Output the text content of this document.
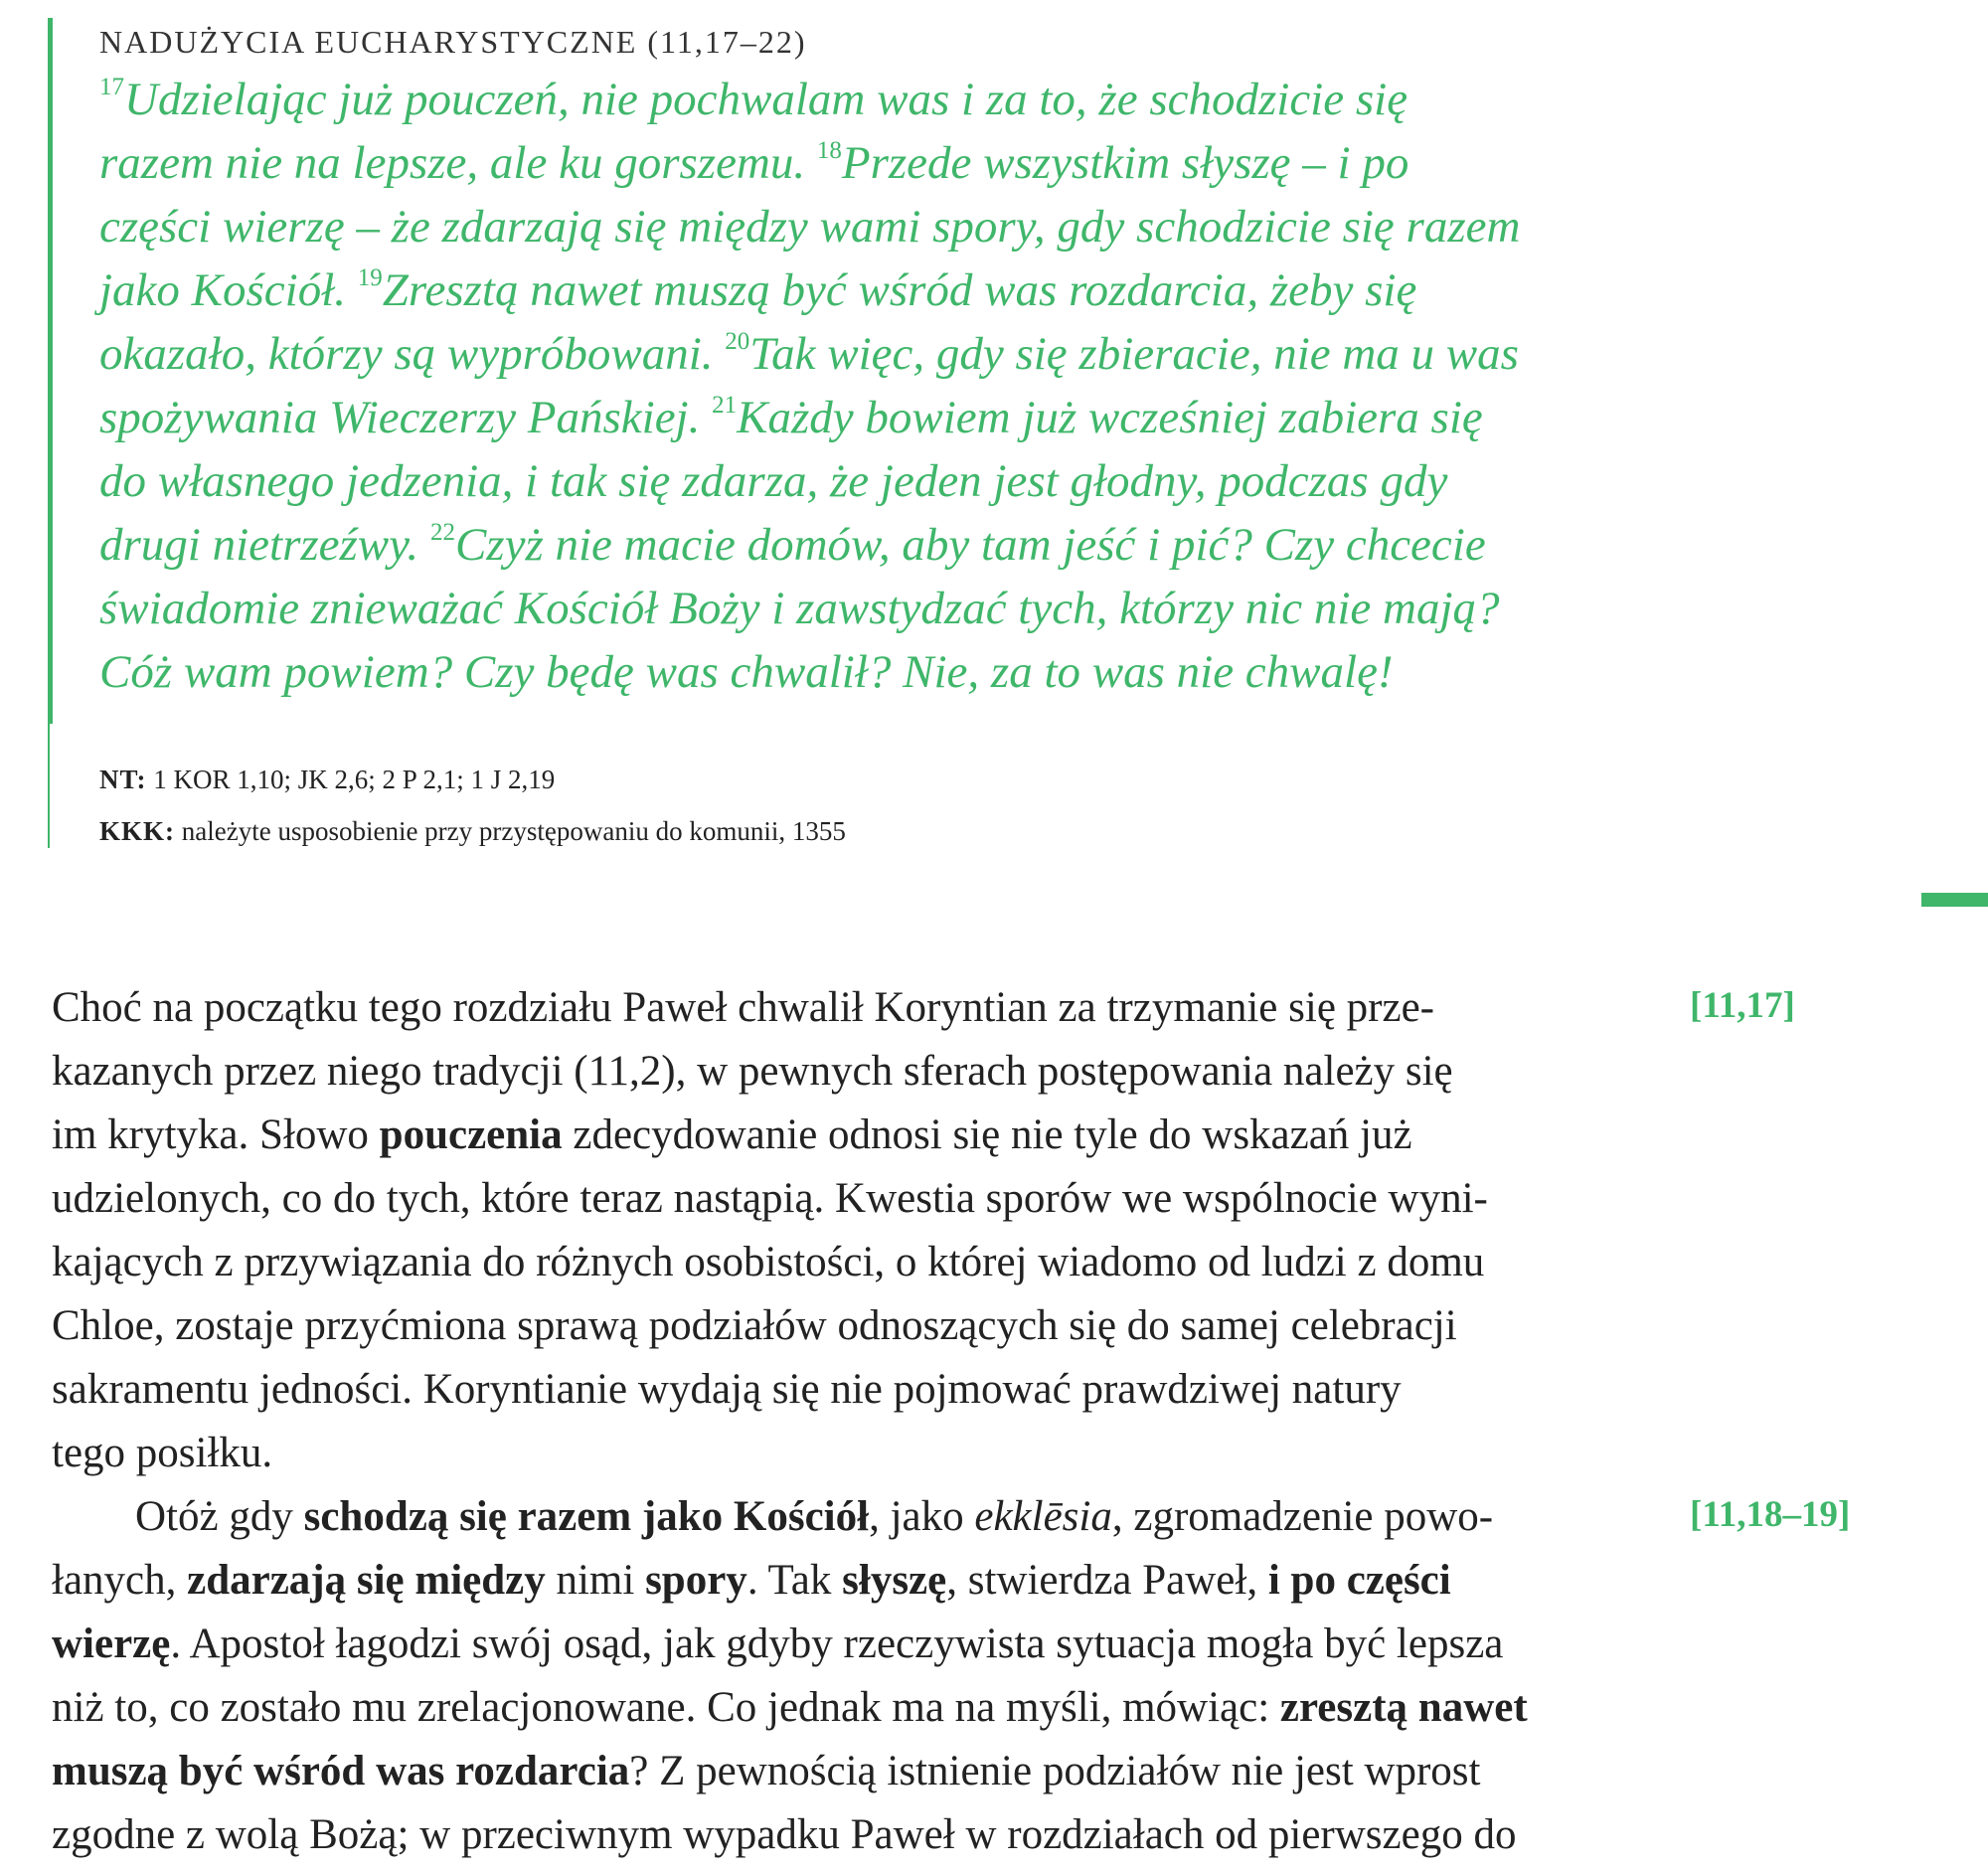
NADUŻYCIA EUCHARYSTYCZNE (11,17–22)
$^{17}$Udzielając już pouczeń, nie pochwalam was i za to, że schodzicie się
razem nie na lepsze, ale ku gorszemu. $^{18}$Przede wszystkim słyszę – i po
części wierzę – że zdarzają się między wami spory, gdy schodzicie się razem
jako Kościół. $^{19}$Zresztą nawet muszą być wśród was rozdarcia, żeby się
okazało, którzy są wypróbowani. $^{20}$Tak więc, gdy się zbieracie, nie ma u was
spożywania Wieczerzy Pańskiej. $^{21}$Każdy bowiem już wcześniej zabiera się
do własnego jedzenia, i tak się zdarza, że jeden jest głodny, podczas gdy
drugi nietrzeźwy. $^{22}$Czyż nie macie domów, aby tam jeść i pić? Czy chcecie
świadomie znieważać Kościół Boży i zawstydzać tych, którzy nic nie mają?
Cóż wam powiem? Czy będę was chwalił? Nie, za to was nie chwalę!
NT: 1 KOR 1,10; JK 2,6; 2 P 2,1; 1 J 2,19
KKK: należyte usposobienie przy przystępowaniu do komunii, 1355
Choć na początku tego rozdziału Paweł chwalił Koryntian za trzymanie się prze-
kazanych przez niego tradycji (11,2), w pewnych sferach postępowania należy się
im krytyka. Słowo pouczenia zdecydowanie odnosi się nie tyle do wskazań już
udzielonych, co do tych, które teraz nastąpią. Kwestia sporów we wspólnocie wyni-
kających z przywiązania do różnych osobistości, o której wiadomo od ludzi z domu
Chloe, zostaje przyćmiona sprawą podziałów odnoszących się do samej celebracji
sakramentu jedności. Koryntianie wydają się nie pojmować prawdziwej natury
tego posiłku.
Otóż gdy schodzą się razem jako Kościół, jako ekklēsia, zgromadzenie powo-
łanych, zdarzają się między nimi spory. Tak słyszę, stwierdza Paweł, i po części
wierzę. Apostoł łagodzi swój osąd, jak gdyby rzeczywista sytuacja mogła być lepsza
niż to, co zostało mu zrelacjonowane. Co jednak ma na myśli, mówiąc: zresztą nawet
muszą być wśród was rozdarcia? Z pewnością istnienie podziałów nie jest wprost
zgodne z wolą Bożą; w przeciwnym wypadku Paweł w rozdziałach od pierwszego do
[11,17]
[11,18–19]
